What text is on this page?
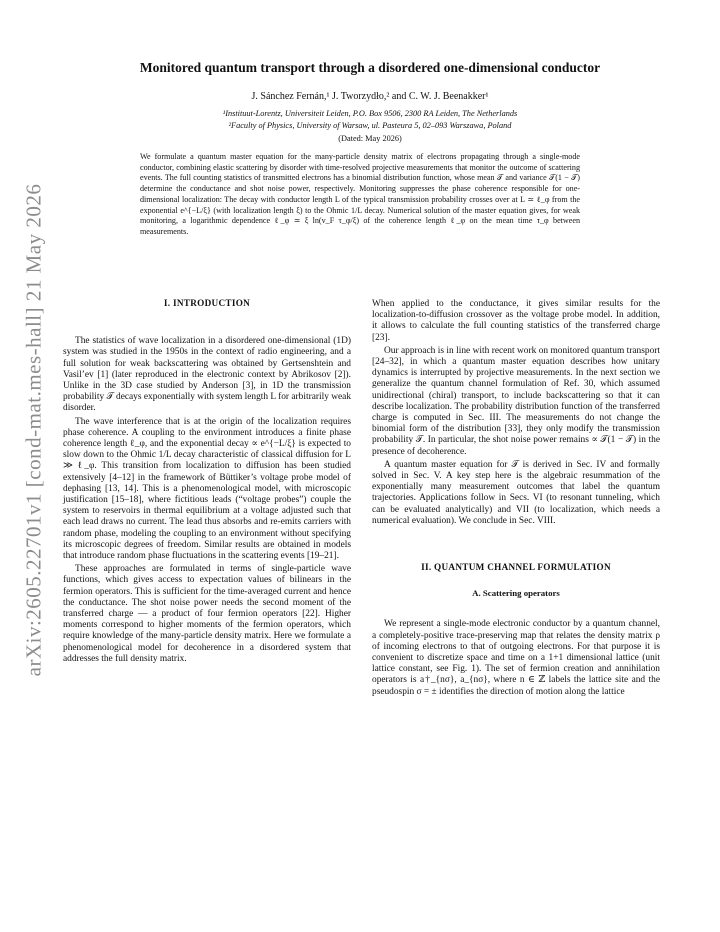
arXiv:2605.22701v1 [cond-mat.mes-hall] 21 May 2026
Monitored quantum transport through a disordered one-dimensional conductor
J. Sánchez Fernán,¹ J. Tworzydło,² and C. W. J. Beenakker¹
¹Instituut-Lorentz, Universiteit Leiden, P.O. Box 9506, 2300 RA Leiden, The Netherlands
²Faculty of Physics, University of Warsaw, ul. Pasteura 5, 02–093 Warszawa, Poland
(Dated: May 2026)

We formulate a quantum master equation for the many-particle density matrix of electrons propagating through a single-mode conductor, combining elastic scattering by disorder with time-resolved projective measurements that monitor the outcome of scattering events. The full counting statistics of transmitted electrons has a binomial distribution function, whose mean 𝒯 and variance 𝒯(1 − 𝒯) determine the conductance and shot noise power, respectively. Monitoring suppresses the phase coherence responsible for one-dimensional localization: The decay with conductor length L of the typical transmission probability crosses over at L ≃ ℓ_φ from the exponential e^{−L/ξ} (with localization length ξ) to the Ohmic 1/L decay. Numerical solution of the master equation gives, for weak monitoring, a logarithmic dependence ℓ_φ ≃ ξ ln(v_F τ_φ/ξ) of the coherence length ℓ_φ on the mean time τ_φ between measurements.

I. INTRODUCTION

The statistics of wave localization in a disordered one-dimensional (1D) system was studied in the 1950s in the context of radio engineering, and a full solution for weak backscattering was obtained by Gertsenshtein and Vasil’ev [1] (later reproduced in the electronic context by Abrikosov [2]). Unlike in the 3D case studied by Anderson [3], in 1D the transmission probability 𝒯 decays exponentially with system length L for arbitrarily weak disorder.

The wave interference that is at the origin of the localization requires phase coherence. A coupling to the environment introduces a finite phase coherence length ℓ_φ, and the exponential decay ∝ e^{−L/ξ} is expected to slow down to the Ohmic 1/L decay characteristic of classical diffusion for L ≫ ℓ_φ. This transition from localization to diffusion has been studied extensively [4–12] in the framework of Büttiker’s voltage probe model of dephasing [13, 14]. This is a phenomenological model, with microscopic justification [15–18], where fictitious leads (“voltage probes”) couple the system to reservoirs in thermal equilibrium at a voltage adjusted such that each lead draws no current. The lead thus absorbs and re-emits carriers with random phase, modeling the coupling to an environment without specifying its microscopic degrees of freedom. Similar results are obtained in models that introduce random phase fluctuations in the scattering events [19–21].

These approaches are formulated in terms of single-particle wave functions, which gives access to expectation values of bilinears in the fermion operators. This is sufficient for the time-averaged current and hence the conductance. The shot noise power needs the second moment of the transferred charge — a product of four fermion operators [22]. Higher moments correspond to higher moments of the fermion operators, which require knowledge of the many-particle density matrix. Here we formulate a phenomenological model for decoherence in a disordered system that addresses the full density matrix.

When applied to the conductance, it gives similar results for the localization-to-diffusion crossover as the voltage probe model. In addition, it allows to calculate the full counting statistics of the transferred charge [23].

Our approach is in line with recent work on monitored quantum transport [24–32], in which a quantum master equation describes how unitary dynamics is interrupted by projective measurements. In the next section we generalize the quantum channel formulation of Ref. 30, which assumed unidirectional (chiral) transport, to include backscattering so that it can describe localization. The probability distribution function of the transferred charge is computed in Sec. III. The measurements do not change the binomial form of the distribution [33], they only modify the transmission probability 𝒯. In particular, the shot noise power remains ∝ 𝒯(1 − 𝒯) in the presence of decoherence.

A quantum master equation for 𝒯 is derived in Sec. IV and formally solved in Sec. V. A key step here is the algebraic resummation of the exponentially many measurement outcomes that label the quantum trajectories. Applications follow in Secs. VI (to resonant tunneling, which can be evaluated analytically) and VII (to localization, which needs a numerical evaluation). We conclude in Sec. VIII.

II. QUANTUM CHANNEL FORMULATION
A. Scattering operators

We represent a single-mode electronic conductor by a quantum channel, a completely-positive trace-preserving map that relates the density matrix ρ of incoming electrons to that of outgoing electrons. For that purpose it is convenient to discretize space and time on a 1+1 dimensional lattice (unit lattice constant, see Fig. 1). The set of fermion creation and annihilation operators is a†_{nσ}, a_{nσ}, where n ∈ ℤ labels the lattice site and the pseudospin σ = ± identifies the direction of motion along the lattice
